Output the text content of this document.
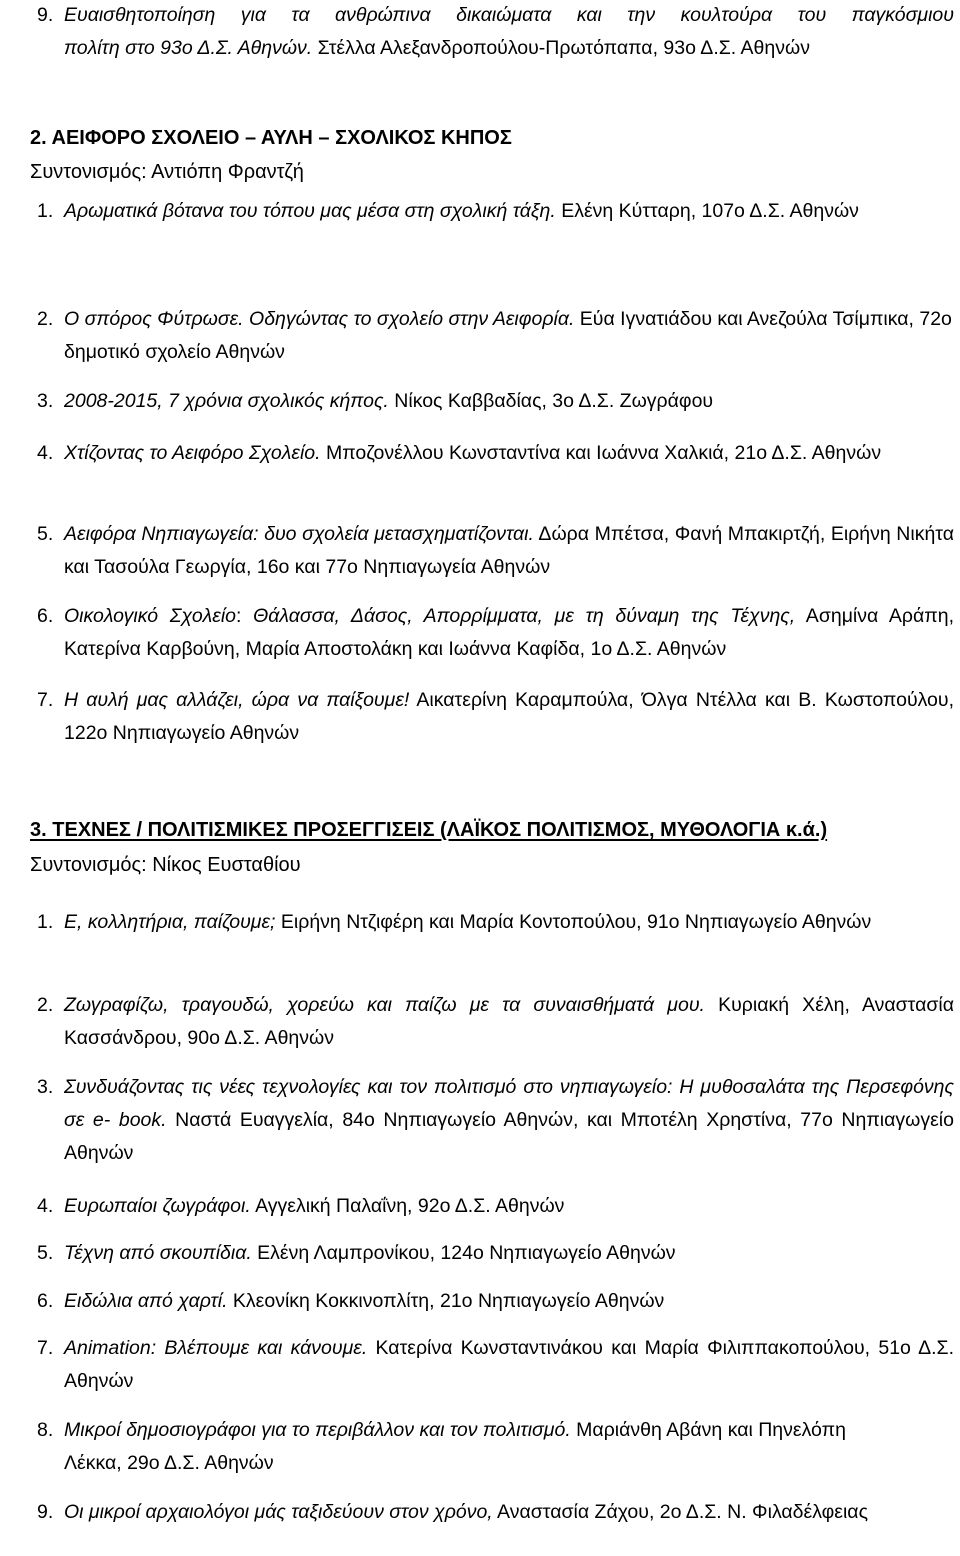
9. Ευαισθητοποίηση για τα ανθρώπινα δικαιώματα και την κουλτούρα του παγκόσμιου
πολίτη στο 93ο Δ.Σ. Αθηνών. Στέλλα Αλεξανδροπούλου-Πρωτόπαπα, 93ο Δ.Σ. Αθηνών
2. ΑΕΙΦΟΡΟ ΣΧΟΛΕΙΟ – ΑΥΛΗ – ΣΧΟΛΙΚΟΣ ΚΗΠΟΣ
Συντονισμός: Αντιόπη Φραντζή
1. Αρωματικά βότανα του τόπου μας μέσα στη σχολική τάξη. Ελένη Κύτταρη, 107ο Δ.Σ. Αθηνών
2. Ο σπόρος Φύτρωσε. Οδηγώντας το σχολείο στην Αειφορία. Εύα Ιγνατιάδου και Ανεζούλα Τσίμπικα, 72ο δημοτικό σχολείο Αθηνών
3. 2008-2015, 7 χρόνια σχολικός κήπος. Νίκος Καββαδίας, 3ο Δ.Σ. Ζωγράφου
4. Χτίζοντας το Αειφόρο Σχολείο. Μποζονέλλου Κωνσταντίνα και Ιωάννα Χαλκιά, 21ο Δ.Σ. Αθηνών
5. Αειφόρα Νηπιαγωγεία: δυο σχολεία μετασχηματίζονται. Δώρα Μπέτσα, Φανή Μπακιρτζή, Ειρήνη Νικήτα και Τασούλα Γεωργία, 16ο και 77ο Νηπιαγωγεία Αθηνών
6. Οικολογικό Σχολείο: Θάλασσα, Δάσος, Απορρίμματα, με τη δύναμη της Τέχνης, Ασημίνα Αράπη, Κατερίνα Καρβούνη, Μαρία Αποστολάκη και Ιωάννα Καφίδα, 1ο Δ.Σ. Αθηνών
7. Η αυλή μας αλλάζει, ώρα να παίξουμε! Αικατερίνη Καραμπούλα, Όλγα Ντέλλα και Β. Κωστοπούλου, 122ο Νηπιαγωγείο Αθηνών
3. ΤΕΧΝΕΣ / ΠΟΛΙΤΙΣΜΙΚΕΣ ΠΡΟΣΕΓΓΙΣΕΙΣ (ΛΑΪΚΟΣ ΠΟΛΙΤΙΣΜΟΣ, ΜΥΘΟΛΟΓΙΑ κ.ά.)
Συντονισμός: Νίκος Ευσταθίου
1. Ε, κολλητήρια, παίζουμε; Ειρήνη Ντζιφέρη και Μαρία Κοντοπούλου, 91ο Νηπιαγωγείο Αθηνών
2. Ζωγραφίζω, τραγουδώ, χορεύω και παίζω με τα συναισθήματά μου. Κυριακή Χέλη, Αναστασία Κασσάνδρου, 90ο Δ.Σ. Αθηνών
3. Συνδυάζοντας τις νέες τεχνολογίες και τον πολιτισμό στο νηπιαγωγείο: Η μυθοσαλάτα της Περσεφόνης σε e- book. Ναστά Ευαγγελία, 84ο Νηπιαγωγείο Αθηνών, και Μποτέλη Χρηστίνα, 77ο Νηπιαγωγείο Αθηνών
4. Ευρωπαίοι ζωγράφοι. Αγγελική Παλαΐνη, 92ο Δ.Σ. Αθηνών
5. Τέχνη από σκουπίδια. Ελένη Λαμπρονίκου, 124ο Νηπιαγωγείο Αθηνών
6. Ειδώλια από χαρτί. Κλεονίκη Κοκκινοπλίτη, 21ο Νηπιαγωγείο Αθηνών
7. Animation: Βλέπουμε και κάνουμε. Κατερίνα Κωνσταντινάκου και Μαρία Φιλιππακοπούλου, 51ο Δ.Σ. Αθηνών
8. Μικροί δημοσιογράφοι για το περιβάλλον και τον πολιτισμό. Μαριάνθη Αβάνη και Πηνελόπη Λέκκα, 29ο Δ.Σ. Αθηνών
9. Οι μικροί αρχαιολόγοι μάς ταξιδεύουν στον χρόνο, Αναστασία Ζάχου, 2ο Δ.Σ. Ν. Φιλαδέλφειας
